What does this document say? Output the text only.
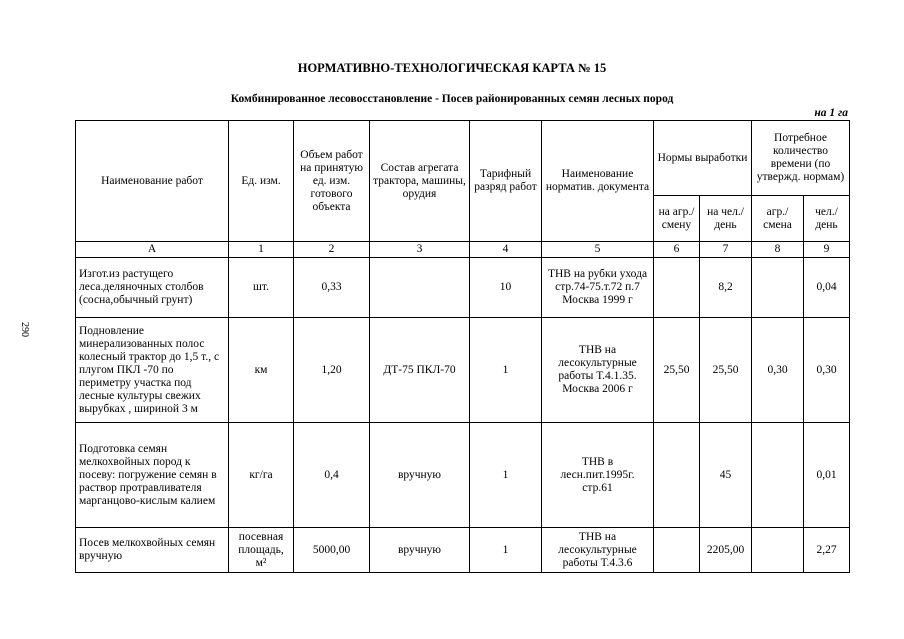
НОРМАТИВНО-ТЕХНОЛОГИЧЕСКАЯ КАРТА № 15
Комбинированное лесовосстановление - Посев районированных семян лесных пород
на 1 га
290
Наименование работ	Ед. изм.	Объем работ на принятую ед. изм. готового объекта	Состав агрегата трактора, машины, орудия	Тарифный разряд работ	Наименование норматив. документа	Нормы выработки		Потребное количество времени (по утвержд. нормам)	
						на агр./ смену	на чел./ день	агр./ смена	чел./ день
А	1	2	3	4	5	6	7	8	9
Изгот.из растущего леса.деляночных столбов (сосна,обычный грунт)	шт.	0,33		10	ТНВ на рубки ухода стр.74-75.т.72 п.7 Москва 1999 г		8,2		0,04
Подновление минерализованных полос колесный трактор до 1,5 т., с плугом ПКЛ -70 по периметру участка под лесные культуры свежих вырубках , шириной 3 м	км	1,20	ДТ-75 ПКЛ-70	1	ТНВ на лесокультурные работы Т.4.1.35. Москва 2006 г	25,50	25,50	0,30	0,30
Подготовка семян мелкохвойных пород к посеву: погружение семян в раствор протравливателя марганцово-кислым калием	кг/га	0,4	вручную	1	ТНВ в лесн.пит.1995г. стр.61		45		0,01
Посев мелкохвойных семян вручную	посевная площадь, м²	5000,00	вручную	1	ТНВ на лесокультурные работы Т.4.3.6		2205,00		2,27
